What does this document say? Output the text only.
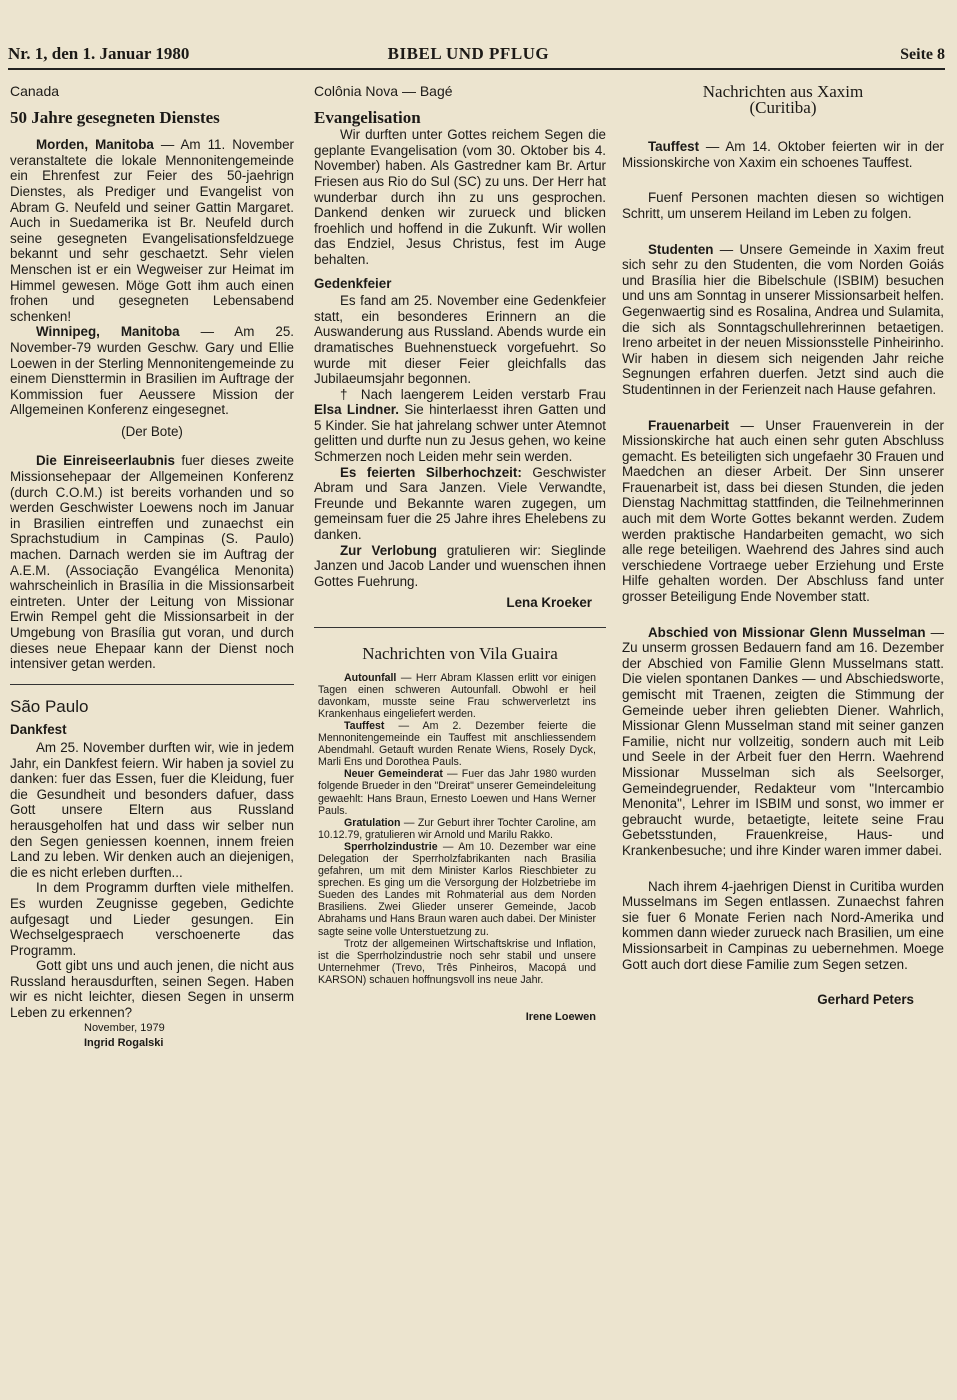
Nr. 1, den 1. Januar 1980	BIBEL UND PFLUG	Seite 8
Canada
50 Jahre gesegneten Dienstes

Morden, Manitoba — Am 11. November veranstaltete die lokale Mennonitengemeinde ein Ehrenfest zur Feier des 50-jaehrign Dienstes, als Prediger und Evangelist von Abram G. Neufeld und seiner Gattin Margaret. Auch in Suedamerika ist Br. Neufeld durch seine gesegneten Evangelisationsfeldzuege bekannt und sehr geschaetzt. Sehr vielen Menschen ist er ein Wegweiser zur Heimat im Himmel gewesen. Möge Gott ihm auch einen frohen und gesegneten Lebensabend schenken!

Winnipeg, Manitoba — Am 25. November-79 wurden Geschw. Gary und Ellie Loewen in der Sterling Mennonitengemeinde zu einem Diensttermin in Brasilien im Auftrage der Kommission fuer Aeussere Mission der Allgemeinen Konferenz eingesegnet.

(Der Bote)

Die Einreiseerlaubnis fuer dieses zweite Missionsehepaar der Allgemeinen Konferenz (durch C.O.M.) ist bereits vorhanden und so werden Geschwister Loewens noch im Januar in Brasilien eintreffen und zunaechst ein Sprachstudium in Campinas (S. Paulo) machen. Darnach werden sie im Auftrag der A.E.M. (Associação Evangélica Menonita) wahrscheinlich in Brasília in die Missionsarbeit eintreten. Unter der Leitung von Missionar Erwin Rempel geht die Missionsarbeit in der Umgebung von Brasília gut voran, und durch dieses neue Ehepaar kann der Dienst noch intensiver getan werden.

São Paulo
Dankfest

Am 25. November durften wir, wie in jedem Jahr, ein Dankfest feiern. Wir haben ja soviel zu danken: fuer das Essen, fuer die Kleidung, fuer die Gesundheit und besonders dafuer, dass Gott unsere Eltern aus Russland herausgeholfen hat und dass wir selber nun den Segen geniessen koennen, innem freien Land zu leben. Wir denken auch an diejenigen, die es nicht erleben durften...

In dem Programm durften viele mithelfen. Es wurden Zeugnisse gegeben, Gedichte aufgesagt und Lieder gesungen. Ein Wechselgespraech verschoenerte das Programm.

Gott gibt uns und auch jenen, die nicht aus Russland herausdurften, seinen Segen. Haben wir es nicht leichter, diesen Segen in unserm Leben zu erkennen?

November, 1979
Ingrid Rogalski
Colônia Nova — Bagé
Evangelisation

Wir durften unter Gottes reichem Segen die geplante Evangelisation (vom 30. Oktober bis 4. November) haben. Als Gastredner kam Br. Artur Friesen aus Rio do Sul (SC) zu uns. Der Herr hat wunderbar durch ihn zu uns gesprochen. Dankend denken wir zurueck und blicken froehlich und hoffend in die Zukunft. Wir wollen das Endziel, Jesus Christus, fest im Auge behalten.

Gedenkfeier

Es fand am 25. November eine Gedenkfeier statt, ein besonderes Erinnern an die Auswanderung aus Russland. Abends wurde ein dramatisches Buehnenstueck vorgefuehrt. So wurde mit dieser Feier gleichfalls das Jubilaeumsjahr begonnen.

† Nach laengerem Leiden verstarb Frau Elsa Lindner. Sie hinterlaesst ihren Gatten und 5 Kinder. Sie hat jahrelang schwer unter Atemnot gelitten und durfte nun zu Jesus gehen, wo keine Schmerzen noch Leiden mehr sein werden.

Es feierten Silberhochzeit: Geschwister Abram und Sara Janzen. Viele Verwandte, Freunde und Bekannte waren zugegen, um gemeinsam fuer die 25 Jahre ihres Ehelebens zu danken.

Zur Verlobung gratulieren wir: Sieglinde Janzen und Jacob Lander und wuenschen ihnen Gottes Fuehrung.

Lena Kroeker
Nachrichten von Vila Guaira

Autounfall — Herr Abram Klassen erlitt vor einigen Tagen einen schweren Autounfall. Obwohl er heil davonkam, musste seine Frau schwerverletzt ins Krankenhaus eingeliefert werden.

Tauffest — Am 2. Dezember feierte die Mennonitengemeinde ein Tauffest mit anschliessendem Abendmahl. Getauft wurden Renate Wiens, Rosely Dyck, Marli Ens und Dorothea Pauls.

Neuer Gemeinderat — Fuer das Jahr 1980 wurden folgende Brueder in den "Dreirat" unserer Gemeindeleitung gewaehlt: Hans Braun, Ernesto Loewen und Hans Werner Pauls.

Gratulation — Zur Geburt ihrer Tochter Caroline, am 10.12.79, gratulieren wir Arnold und Marilu Rakko.

Sperrholzindustrie — Am 10. Dezember war eine Delegation der Sperrholzfabrikanten nach Brasilia gefahren, um mit dem Minister Karlos Rieschbieter zu sprechen. Es ging um die Versorgung der Holzbetriebe im Sueden des Landes mit Rohmaterial aus dem Norden Brasiliens. Zwei Glieder unserer Gemeinde, Jacob Abrahams und Hans Braun waren auch dabei. Der Minister sagte seine volle Unterstuetzung zu.

Trotz der allgemeinen Wirtschaftskrise und Inflation, ist die Sperrholzindustrie noch sehr stabil und unsere Unternehmer (Trevo, Três Pinheiros, Macopá und KARSON) schauen hoffnungsvoll ins neue Jahr.

Irene Loewen
Nachrichten aus Xaxim
(Curitiba)

Tauffest — Am 14. Oktober feierten wir in der Missionskirche von Xaxim ein schoenes Tauffest.

Fuenf Personen machten diesen so wichtigen Schritt, um unserem Heiland im Leben zu folgen.

Studenten — Unsere Gemeinde in Xaxim freut sich sehr zu den Studenten, die vom Norden Goiás und Brasília hier die Bibelschule (ISBIM) besuchen und uns am Sonntag in unserer Missionsarbeit helfen. Gegenwaertig sind es Rosalina, Andrea und Sulamita, die sich als Sonntagschullehrerinnen betaetigen. Ireno arbeitet in der neuen Missionsstelle Pinheirinho. Wir haben in diesem sich neigenden Jahr reiche Segnungen erfahren duerfen. Jetzt sind auch die Studentinnen in der Ferienzeit nach Hause gefahren.

Frauenarbeit — Unser Frauenverein in der Missionskirche hat auch einen sehr guten Abschluss gemacht. Es beteiligten sich ungefaehr 30 Frauen und Maedchen an dieser Arbeit. Der Sinn unserer Frauenarbeit ist, dass bei diesen Stunden, die jeden Dienstag Nachmittag stattfinden, die Teilnehmerinnen auch mit dem Worte Gottes bekannt werden. Zudem werden praktische Handarbeiten gemacht, wo sich alle rege beteiligen. Waehrend des Jahres sind auch verschiedene Vortraege ueber Erziehung und Erste Hilfe gehalten worden. Der Abschluss fand unter grosser Beteiligung Ende November statt.

Abschied von Missionar Glenn Musselman — Zu unserm grossen Bedauern fand am 16. Dezember der Abschied von Familie Glenn Musselmans statt. Die vielen spontanen Dankes — und Abschiedsworte, gemischt mit Traenen, zeigten die Stimmung der Gemeinde ueber ihren geliebten Diener. Wahrlich, Missionar Glenn Musselman stand mit seiner ganzen Familie, nicht nur vollzeitig, sondern auch mit Leib und Seele in der Arbeit fuer den Herrn. Waehrend Missionar Musselman sich als Seelsorger, Gemeindegruender, Redakteur vom "Intercambio Menonita", Lehrer im ISBIM und sonst, wo immer er gebraucht wurde, betaetigte, leitete seine Frau Gebetsstunden, Frauenkreise, Haus- und Krankenbesuche; und ihre Kinder waren immer dabei.

Nach ihrem 4-jaehrigen Dienst in Curitiba wurden Musselmans im Segen entlassen. Zunaechst fahren sie fuer 6 Monate Ferien nach Nord-Amerika und kommen dann wieder zurueck nach Brasilien, um eine Missionsarbeit in Campinas zu uebernehmen. Moege Gott auch dort diese Familie zum Segen setzen.

Gerhard Peters
